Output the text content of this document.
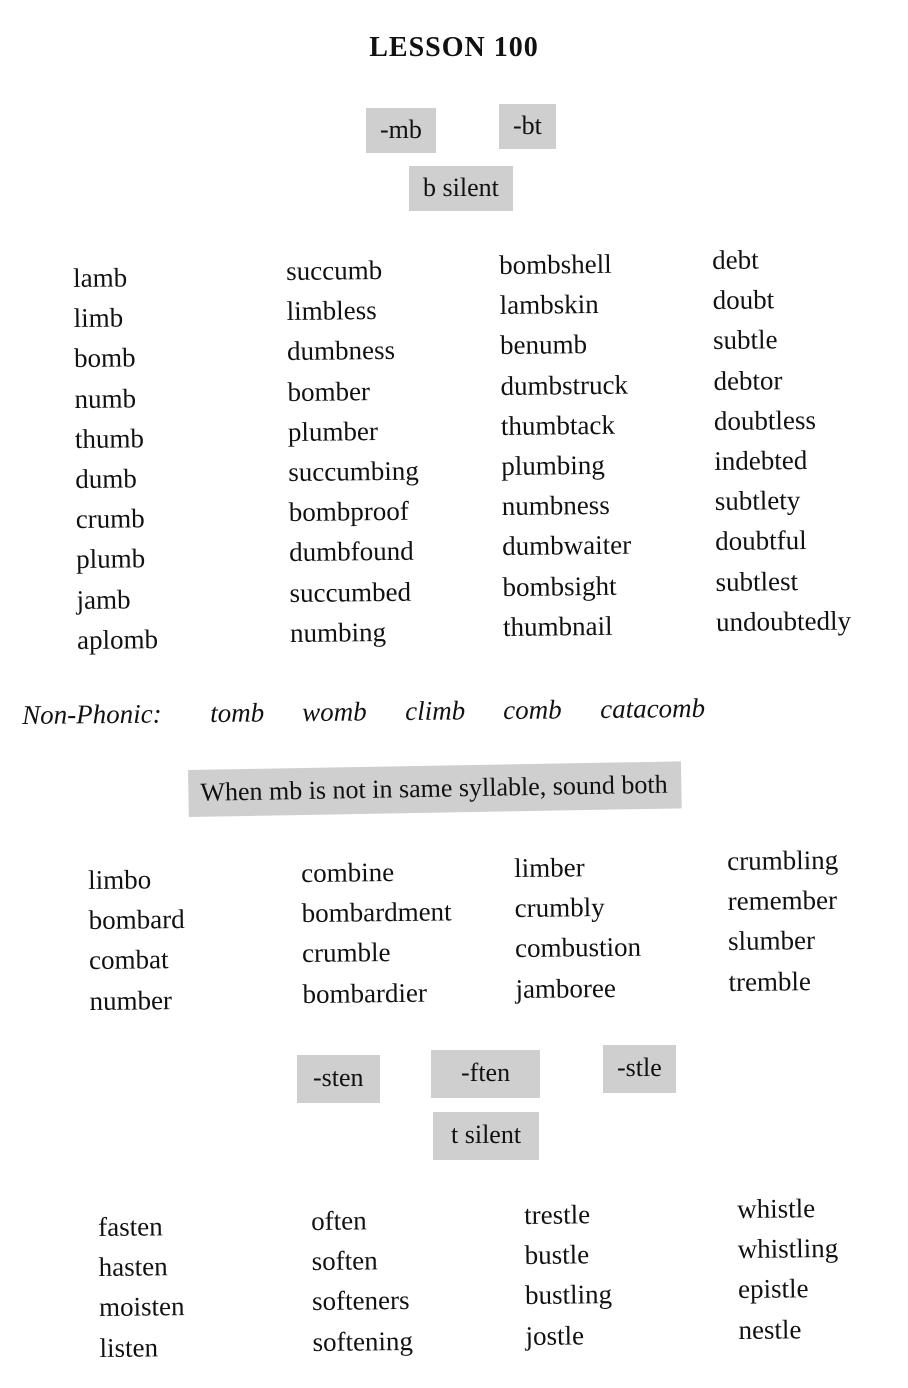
LESSON 100
-mb	-bt
b silent
lamb
limb
bomb
numb
thumb
dumb
crumb
plumb
jamb
aplomb
succumb
limbless
dumbness
bomber
plumber
succumbing
bombproof
dumbfound
succumbed
numbing
bombshell
lambskin
benumb
dumbstruck
thumbtack
plumbing
numbness
dumbwaiter
bombsight
thumbnail
debt
doubt
subtle
debtor
doubtless
indebted
subtlety
doubtful
subtlest
undoubtedly
Non-Phonic: tomb womb climb comb catacomb
When mb is not in same syllable, sound both
limbo
bombard
combat
number
combine
bombardment
crumble
bombardier
limber
crumbly
combustion
jamboree
crumbling
remember
slumber
tremble
-sten	-ften	-stle
t silent
fasten
hasten
moisten
listen
often
soften
softeners
softening
trestle
bustle
bustling
jostle
whistle
whistling
epistle
nestle
